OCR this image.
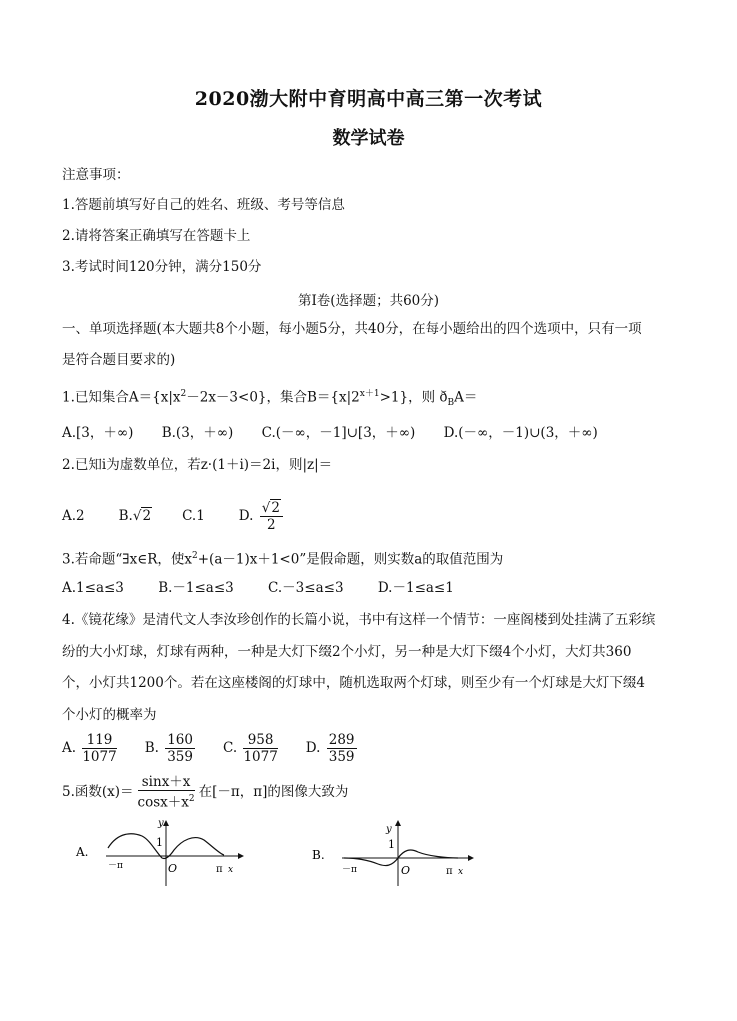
2020渤大附中育明高中高三第一次考试
数学试卷
注意事项：
1.答题前填写好自己的姓名、班级、考号等信息
2.请将答案正确填写在答题卡上
3.考试时间120分钟，满分150分
第I卷(选择题；共60分)
一、单项选择题(本大题共8个小题，每小题5分，共40分，在每小题给出的四个选项中，只有一项
是符合题目要求的)
1.已知集合$A=\{x|x^2-2x-3<0\}$，集合$B=\{x|2^{x+1}>1\}$，则 $ð_BA=$
A.[3，＋∞) B.(3，＋∞) C.(－∞，－1]∪[3，＋∞) D.(－∞，－1)∪(3，＋∞)
2.已知i为虚数单位，若z·(1＋i)＝2i，则|z|＝
A.2	B.√2 C.1	D. $\frac{√2}{2}$
3.若命题“∃x∈R，使$x^2+(a-1)x+1<0$”是假命题，则实数a的取值范围为
A.1≤a≤3	B.－1≤a≤3	C.－3≤a≤3	D.－1≤a≤1
4.《镜花缘》是清代文人李汝珍创作的长篇小说，书中有这样一个情节：一座阁楼到处挂满了五彩缤
纷的大小灯球，灯球有两种，一种是大灯下缀2个小灯，另一种是大灯下缀4个小灯，大灯共360
个，小灯共1200个。若在这座楼阁的灯球中，随机选取两个灯球，则至少有一个灯球是大灯下缀4
个小灯的概率为
A. $\frac{119}{1077} B$. $\frac{160}{359} C$. $\frac{958}{1077} D$. $\frac{289}{359}$
5.函数 $(x)= \frac{\sin x+x}{\cos x+x^2}$ 在[－π，π]的图像大致为
A.
y
1
－π	O	π x
B.
y
1
－π	O	π x
